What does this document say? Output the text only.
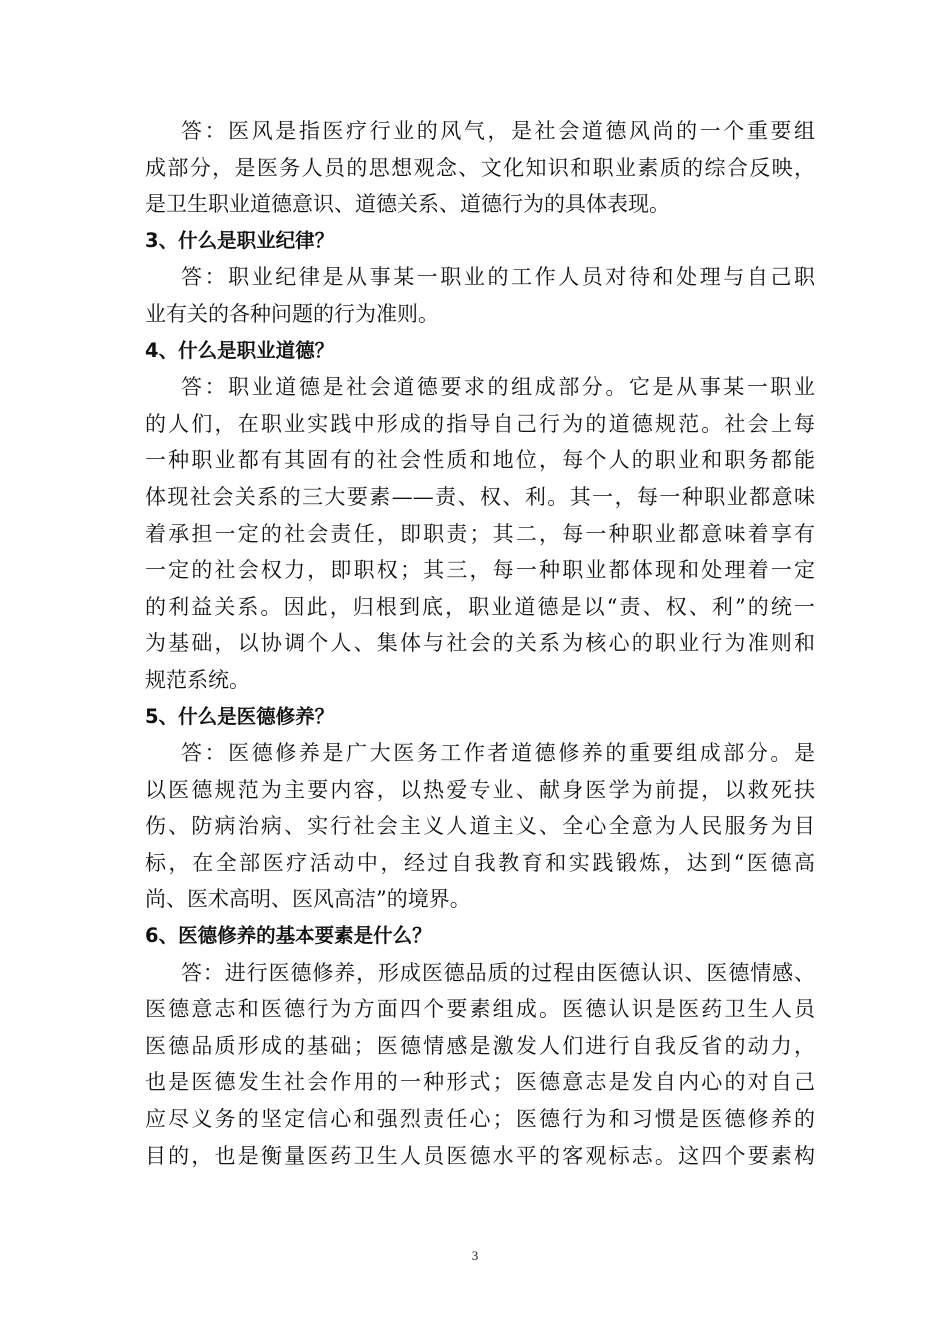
答：医风是指医疗行业的风气，是社会道德风尚的一个重要组
成部分，是医务人员的思想观念、文化知识和职业素质的综合反映，
是卫生职业道德意识、道德关系、道德行为的具体表现。
3、什么是职业纪律？
答：职业纪律是从事某一职业的工作人员对待和处理与自己职
业有关的各种问题的行为准则。
4、什么是职业道德？
答：职业道德是社会道德要求的组成部分。它是从事某一职业
的人们，在职业实践中形成的指导自己行为的道德规范。社会上每
一种职业都有其固有的社会性质和地位，每个人的职业和职务都能
体现社会关系的三大要素——责、权、利。其一，每一种职业都意味
着承担一定的社会责任，即职责；其二，每一种职业都意味着享有
一定的社会权力，即职权；其三，每一种职业都体现和处理着一定
的利益关系。因此，归根到底，职业道德是以“责、权、利”的统一
为基础，以协调个人、集体与社会的关系为核心的职业行为准则和
规范系统。
5、什么是医德修养？
答：医德修养是广大医务工作者道德修养的重要组成部分。是
以医德规范为主要内容，以热爱专业、献身医学为前提，以救死扶
伤、防病治病、实行社会主义人道主义、全心全意为人民服务为目
标，在全部医疗活动中，经过自我教育和实践锻炼，达到“医德高
尚、医术高明、医风高洁”的境界。
6、医德修养的基本要素是什么？
答：进行医德修养，形成医德品质的过程由医德认识、医德情感、
医德意志和医德行为方面四个要素组成。医德认识是医药卫生人员
医德品质形成的基础；医德情感是激发人们进行自我反省的动力，
也是医德发生社会作用的一种形式；医德意志是发自内心的对自己
应尽义务的坚定信心和强烈责任心；医德行为和习惯是医德修养的
目的，也是衡量医药卫生人员医德水平的客观标志。这四个要素构
3
